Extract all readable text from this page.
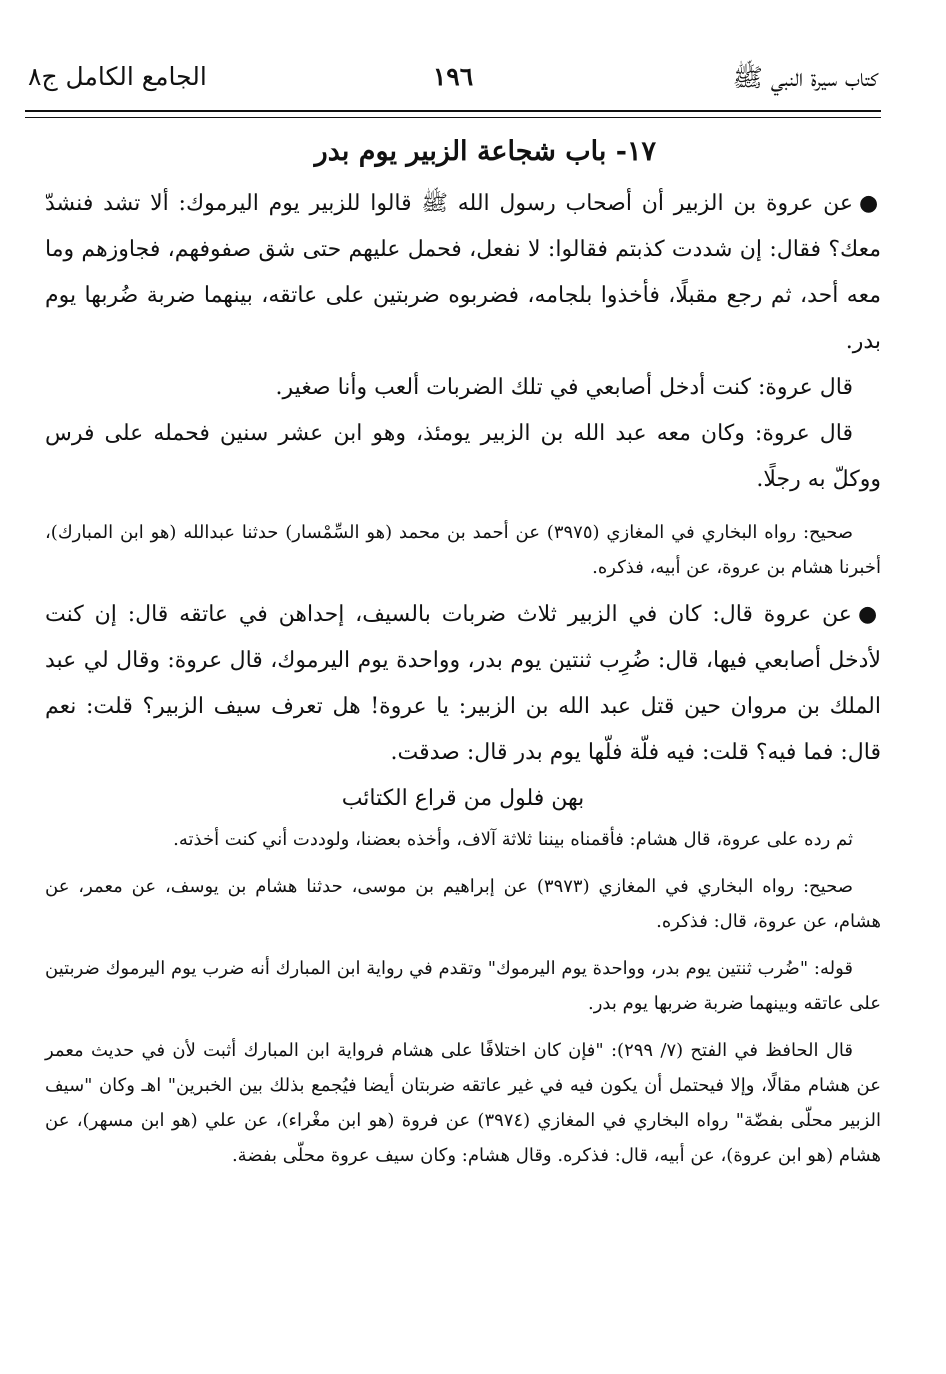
كتاب سيرة النبي ﷺ
١٩٦
الجامع الكامل ج٨
١٧- باب شجاعة الزبير يوم بدر

●عن عروة بن الزبير أن أصحاب رسول الله ﷺ قالوا للزبير يوم اليرموك: ألا تشد فنشدّ معك؟ فقال: إن شددت كذبتم فقالوا: لا نفعل، فحمل عليهم حتى شق صفوفهم، فجاوزهم وما معه أحد، ثم رجع مقبلًا، فأخذوا بلجامه، فضربوه ضربتين على عاتقه، بينهما ضربة ضُربها يوم بدر.

قال عروة: كنت أدخل أصابعي في تلك الضربات ألعب وأنا صغير.

قال عروة: وكان معه عبد الله بن الزبير يومئذ، وهو ابن عشر سنين فحمله على فرس ووكلّ به رجلًا.

صحيح: رواه البخاري في المغازي (٣٩٧٥) عن أحمد بن محمد (هو السِّمْسار) حدثنا عبدالله (هو ابن المبارك)، أخبرنا هشام بن عروة، عن أبيه، فذكره.

●عن عروة قال: كان في الزبير ثلاث ضربات بالسيف، إحداهن في عاتقه قال: إن كنت لأدخل أصابعي فيها، قال: ضُرِب ثنتين يوم بدر، وواحدة يوم اليرموك، قال عروة: وقال لي عبد الملك بن مروان حين قتل عبد الله بن الزبير: يا عروة! هل تعرف سيف الزبير؟ قلت: نعم قال: فما فيه؟ قلت: فيه فلّة فلّها يوم بدر قال: صدقت.

بهن فلول من قراع الكتائب

ثم رده على عروة، قال هشام: فأقمناه بيننا ثلاثة آلاف، وأخذه بعضنا، ولوددت أني كنت أخذته.

صحيح: رواه البخاري في المغازي (٣٩٧٣) عن إبراهيم بن موسى، حدثنا هشام بن يوسف، عن معمر، عن هشام، عن عروة، قال: فذكره.

قوله: "ضُرب ثنتين يوم بدر، وواحدة يوم اليرموك" وتقدم في رواية ابن المبارك أنه ضرب يوم اليرموك ضربتين على عاتقه وبينهما ضربة ضربها يوم بدر.

قال الحافظ في الفتح (٧/ ٢٩٩): "فإن كان اختلافًا على هشام فرواية ابن المبارك أثبت لأن في حديث معمر عن هشام مقالًا، وإلا فيحتمل أن يكون فيه في غير عاتقه ضربتان أيضا فيُجمع بذلك بين الخبرين" اهـ وكان "سيف الزبير محلّى بفضّة" رواه البخاري في المغازي (٣٩٧٤) عن فروة (هو ابن مغْراء)، عن علي (هو ابن مسهر)، عن هشام (هو ابن عروة)، عن أبيه، قال: فذكره. وقال هشام: وكان سيف عروة محلّى بفضة.
